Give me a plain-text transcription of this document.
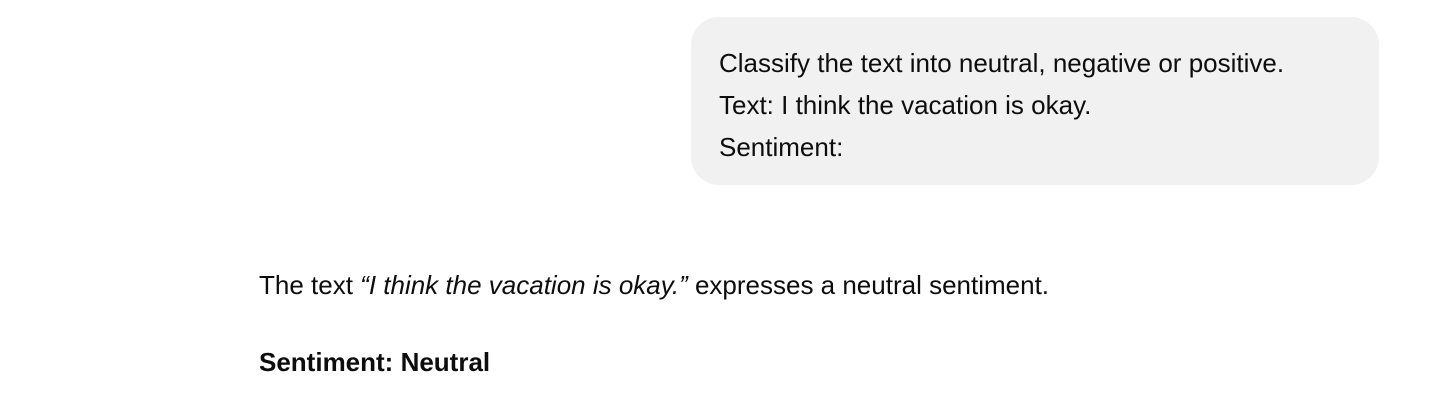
Classify the text into neutral, negative or positive.
Text: I think the vacation is okay.
Sentiment:
The text “I think the vacation is okay.” expresses a neutral sentiment.
Sentiment: Neutral
